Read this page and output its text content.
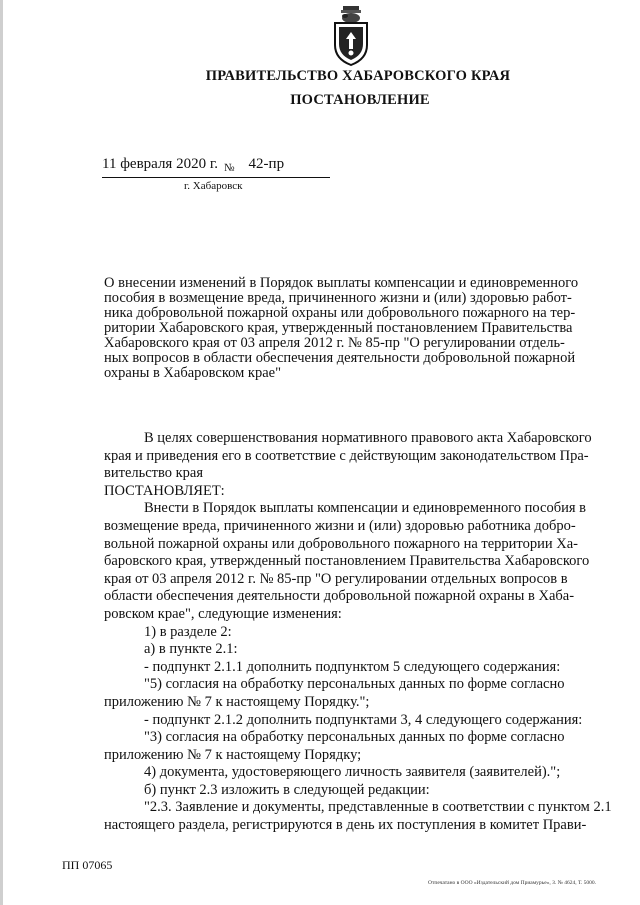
ПРАВИТЕЛЬСТВО ХАБАРОВСКОГО КРАЯ
ПОСТАНОВЛЕНИЕ
11 февраля 2020 г. $_№$ 42-пр
г. Хабаровск
О внесении изменений в Порядок выплаты компенсации и единовременного
пособия в возмещение вреда, причиненного жизни и (или) здоровью работ-
ника добровольной пожарной охраны или добровольного пожарного на тер-
ритории Хабаровского края, утвержденный постановлением Правительства
Хабаровского края от 03 апреля 2012 г. № 85-пр "О регулировании отдель-
ных вопросов в области обеспечения деятельности добровольной пожарной
охраны в Хабаровском крае"
В целях совершенствования нормативного правового акта Хабаровского
края и приведения его в соответствие с действующим законодательством Пра-
вительство края
ПОСТАНОВЛЯЕТ:
Внести в Порядок выплаты компенсации и единовременного пособия в
возмещение вреда, причиненного жизни и (или) здоровью работника добро-
вольной пожарной охраны или добровольного пожарного на территории Ха-
баровского края, утвержденный постановлением Правительства Хабаровского
края от 03 апреля 2012 г. № 85-пр "О регулировании отдельных вопросов в
области обеспечения деятельности добровольной пожарной охраны в Хаба-
ровском крае", следующие изменения:
1) в разделе 2:
а) в пункте 2.1:
- подпункт 2.1.1 дополнить подпунктом 5 следующего содержания:
"5) согласия на обработку персональных данных по форме согласно
приложению № 7 к настоящему Порядку.";
- подпункт 2.1.2 дополнить подпунктами 3, 4 следующего содержания:
"3) согласия на обработку персональных данных по форме согласно
приложению № 7 к настоящему Порядку;
4) документа, удостоверяющего личность заявителя (заявителей).";
б) пункт 2.3 изложить в следующей редакции:
"2.3. Заявление и документы, представленные в соответствии с пунктом 2.1
настоящего раздела, регистрируются в день их поступления в комитет Прави-
ПП 07065
Отпечатано в ООО «Издательский дом Приамурье», З. № 4624, Т. 5000.
